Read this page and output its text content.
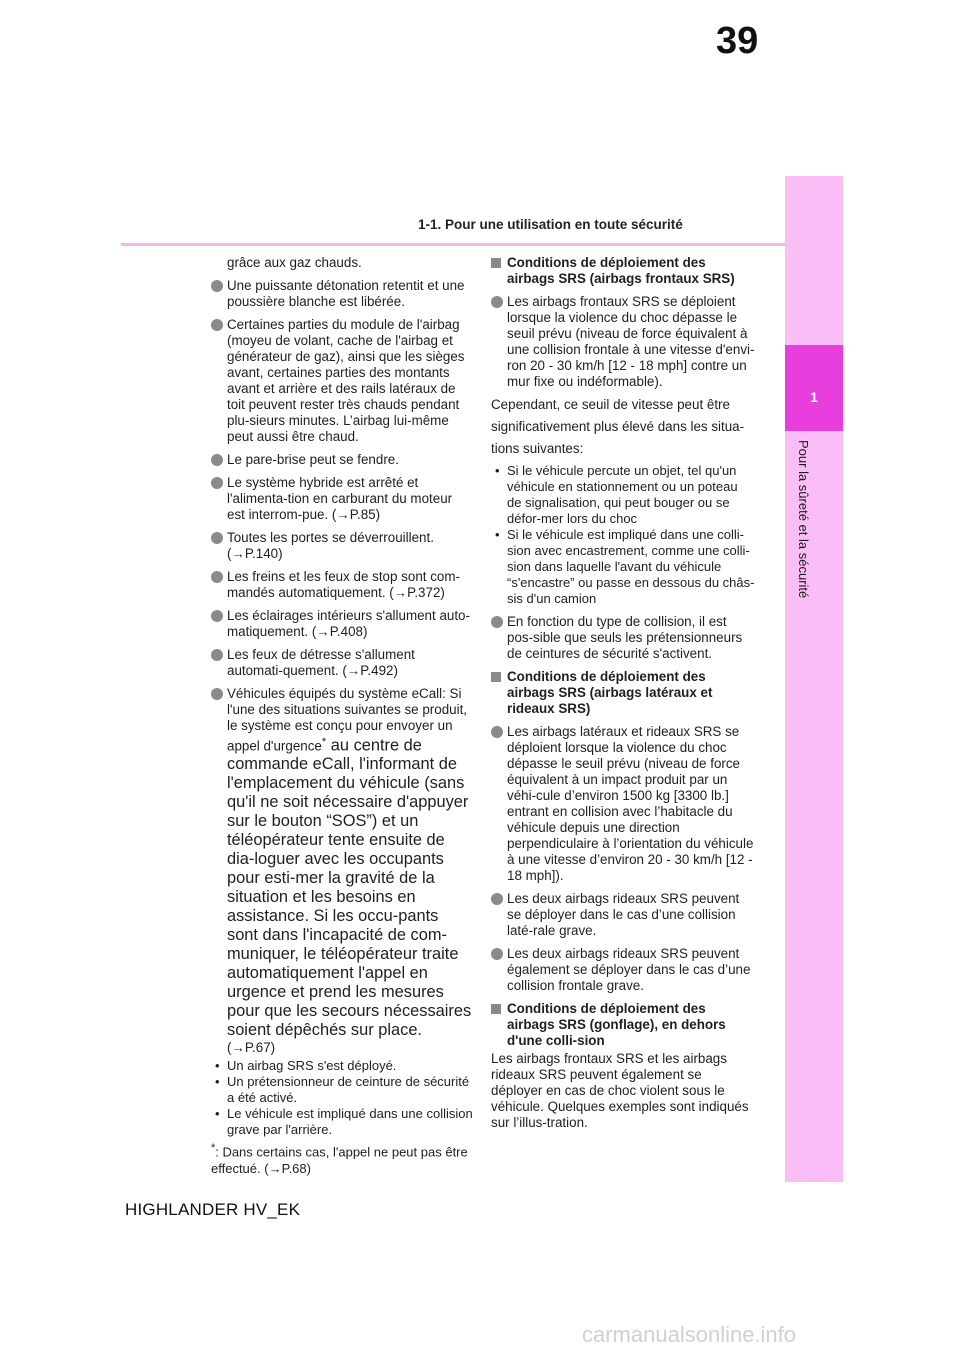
39
1-1. Pour une utilisation en toute sécurité
1
Pour la sûreté et la sécurité
grâce aux gaz chauds.
Une puissante détonation retentit et une poussière blanche est libérée.
Certaines parties du module de l'airbag (moyeu de volant, cache de l'airbag et générateur de gaz), ainsi que les sièges avant, certaines parties des montants avant et arrière et des rails latéraux de toit peuvent rester très chauds pendant plu-sieurs minutes. L’airbag lui-même peut aussi être chaud.
Le pare-brise peut se fendre.
Le système hybride est arrêté et l'alimenta-tion en carburant du moteur est interrom-pue. (→P.85)
Toutes les portes se déverrouillent. (→P.140)
Les freins et les feux de stop sont com-mandés automatiquement. (→P.372)
Les éclairages intérieurs s'allument auto-matiquement. (→P.408)
Les feux de détresse s'allument automati-quement. (→P.492)
Véhicules équipés du système eCall: Si l'une des situations suivantes se produit, le système est conçu pour envoyer un appel d'urgence* au centre de commande eCall, l'informant de l'emplacement du véhicule (sans qu'il ne soit nécessaire d'appuyer sur le bouton “SOS”) et un téléopérateur tente ensuite de dia-loguer avec les occupants pour esti-mer la gravité de la situation et les besoins en assistance. Si les occu-pants sont dans l'incapacité de com-muniquer, le téléopérateur traite automatiquement l'appel en urgence et prend les mesures pour que les secours nécessaires soient dépêchés sur place. (→P.67)
• Un airbag SRS s'est déployé.
• Un prétensionneur de ceinture de sécurité a été activé.
• Le véhicule est impliqué dans une collision grave par l'arrière.
*: Dans certains cas, l'appel ne peut pas être effectué. (→P.68)
Conditions de déploiement des airbags SRS (airbags frontaux SRS)
Les airbags frontaux SRS se déploient lorsque la violence du choc dépasse le seuil prévu (niveau de force équivalent à une collision frontale à une vitesse d'envi-ron 20 - 30 km/h [12 - 18 mph] contre un mur fixe ou indéformable).
Cependant, ce seuil de vitesse peut être
significativement plus élevé dans les situa-
tions suivantes:
• Si le véhicule percute un objet, tel qu'un véhicule en stationnement ou un poteau de signalisation, qui peut bouger ou se défor-mer lors du choc
• Si le véhicule est impliqué dans une colli-sion avec encastrement, comme une colli-sion dans laquelle l'avant du véhicule “s'encastre” ou passe en dessous du châs-sis d'un camion
En fonction du type de collision, il est pos-sible que seuls les prétensionneurs de ceintures de sécurité s'activent.
Conditions de déploiement des airbags SRS (airbags latéraux et rideaux SRS)
Les airbags latéraux et rideaux SRS se déploient lorsque la violence du choc dépasse le seuil prévu (niveau de force équivalent à un impact produit par un véhi-cule d’environ 1500 kg [3300 lb.] entrant en collision avec l’habitacle du véhicule depuis une direction perpendiculaire à l’orientation du véhicule à une vitesse d’environ 20 - 30 km/h [12 - 18 mph]).
Les deux airbags rideaux SRS peuvent se déployer dans le cas d’une collision laté-rale grave.
Les deux airbags rideaux SRS peuvent également se déployer dans le cas d’une collision frontale grave.
Conditions de déploiement des airbags SRS (gonflage), en dehors d'une colli-sion
Les airbags frontaux SRS et les airbags rideaux SRS peuvent également se déployer en cas de choc violent sous le véhicule. Quelques exemples sont indiqués sur l’illus-tration.
HIGHLANDER HV_EK
carmanualsonline.info
